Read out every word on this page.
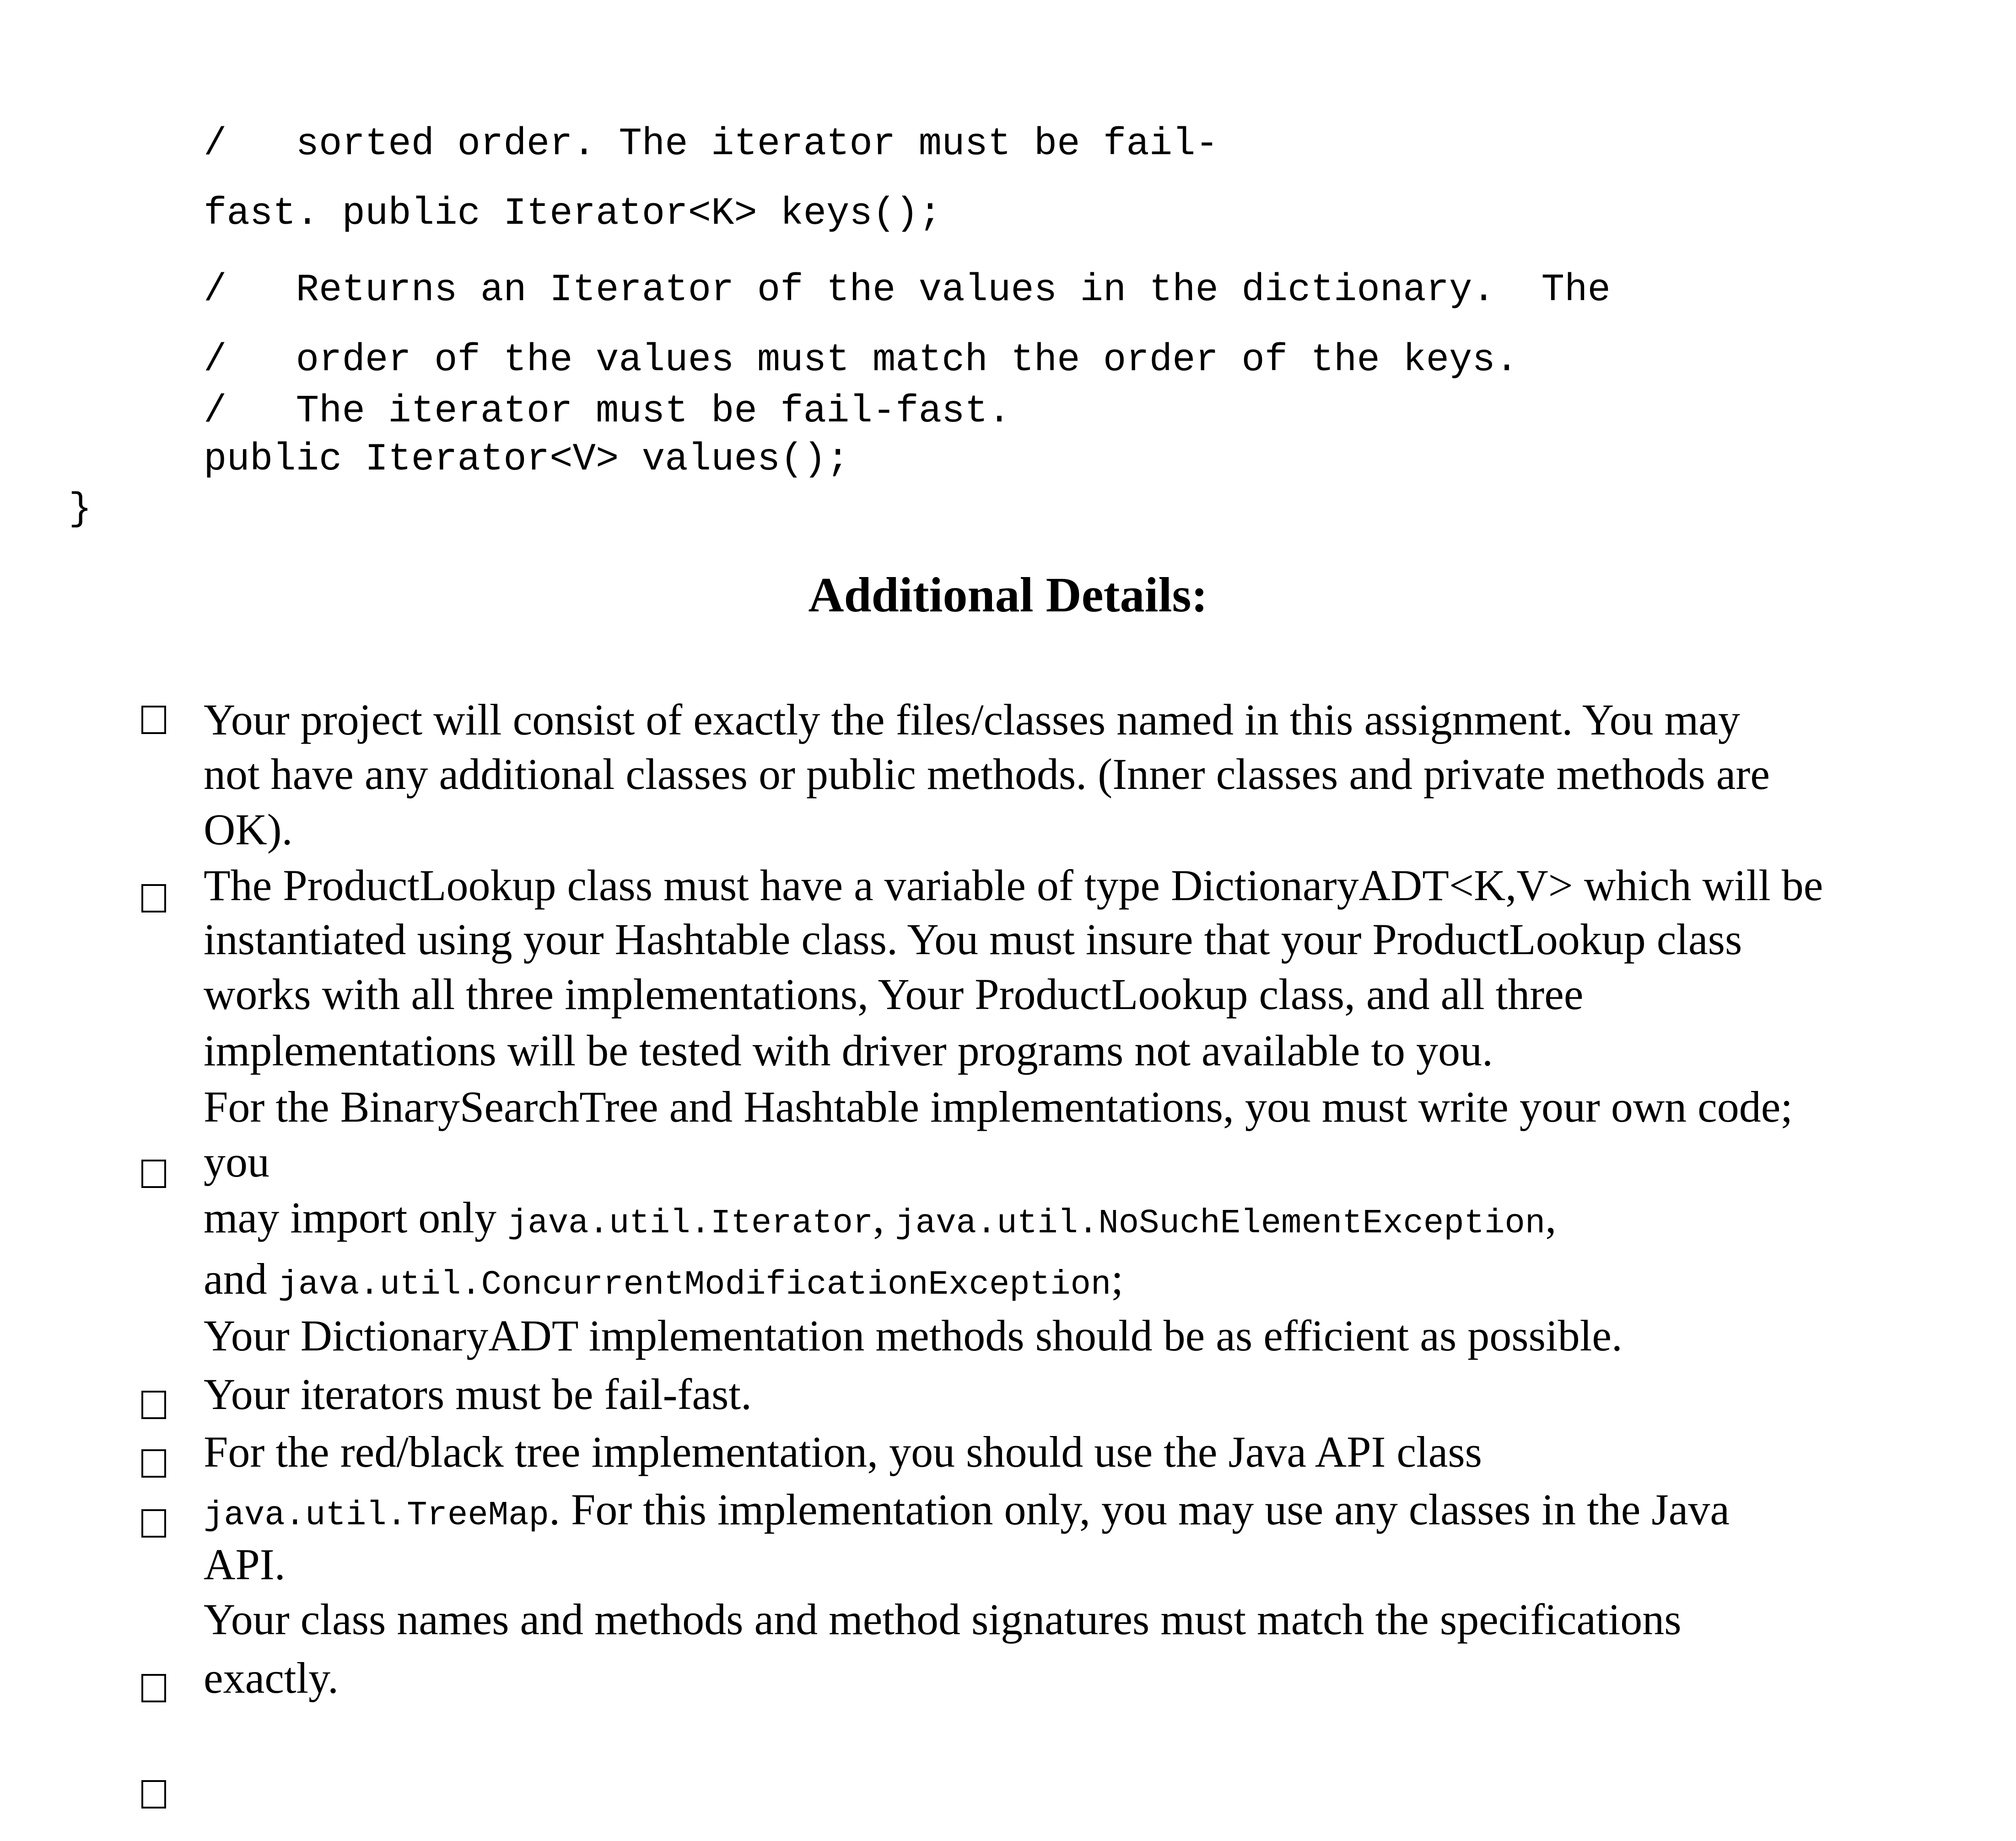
/   sorted order. The iterator must be fail-
fast. public Iterator<K> keys();
/   Returns an Iterator of the values in the dictionary.  The
/   order of the values must match the order of the keys.
/   The iterator must be fail-fast.
public Iterator<V> values();
}
Additional Details:
Your project will consist of exactly the files/classes named in this assignment. You may
not have any additional classes or public methods. (Inner classes and private methods are
OK).
The ProductLookup class must have a variable of type DictionaryADT<K,V> which will be
instantiated using your Hashtable class. You must insure that your ProductLookup class
works with all three implementations, Your ProductLookup class, and all three
implementations will be tested with driver programs not available to you.
For the BinarySearchTree and Hashtable implementations, you must write your own code;
you
may import only java.util.Iterator, java.util.NoSuchElementException,
and java.util.ConcurrentModificationException;
Your DictionaryADT implementation methods should be as efficient as possible.
Your iterators must be fail-fast.
For the red/black tree implementation, you should use the Java API class
java.util.TreeMap. For this implementation only, you may use any classes in the Java
API.
Your class names and methods and method signatures must match the specifications
exactly.
